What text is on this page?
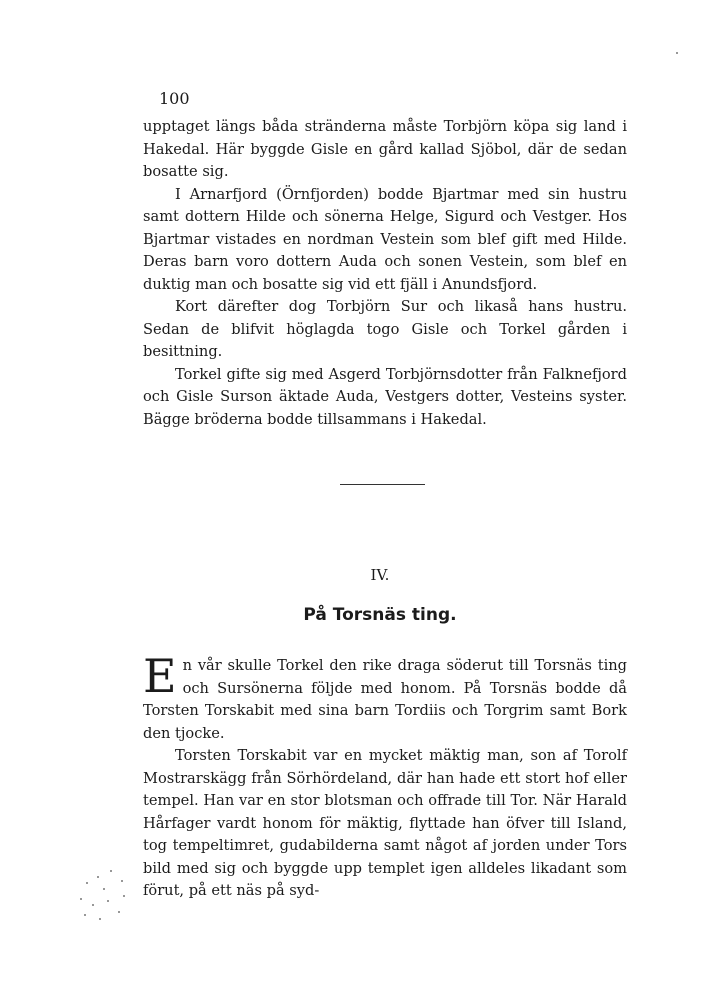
100

upptaget längs båda stränderna måste Torbjörn köpa sig land i Hakedal. Här byggde Gisle en gård kallad Sjöbol, där de sedan bosatte sig.

I Arnarfjord (Örnfjorden) bodde Bjartmar med sin hustru samt dottern Hilde och sönerna Helge, Sigurd och Vestger. Hos Bjartmar vistades en nordman Vestein som blef gift med Hilde. Deras barn voro dottern Auda och sonen Vestein, som blef en duktig man och bosatte sig vid ett fjäll i Anundsfjord.

Kort därefter dog Torbjörn Sur och likaså hans hustru. Sedan de blifvit höglagda togo Gisle och Torkel gården i besittning.

Torkel gifte sig med Asgerd Torbjörnsdotter från Falknefjord och Gisle Surson äktade Auda, Vestgers dotter, Vesteins syster. Bägge bröderna bodde tillsammans i Hakedal.

IV.
På Torsnäs ting.

En vår skulle Torkel den rike draga söderut till Torsnäs ting och Sursönerna följde med honom. På Torsnäs bodde då Torsten Torskabit med sina barn Tordiis och Torgrim samt Bork den tjocke.

Torsten Torskabit var en mycket mäktig man, son af Torolf Mostrarskägg från Sörhördeland, där han hade ett stort hof eller tempel. Han var en stor blotsman och offrade till Tor. När Harald Hårfager vardt honom för mäktig, flyttade han öfver till Island, tog tempeltimret, gudabilderna samt något af jorden under Tors bild med sig och byggde upp templet igen alldeles likadant som förut, på ett näs på syd-
